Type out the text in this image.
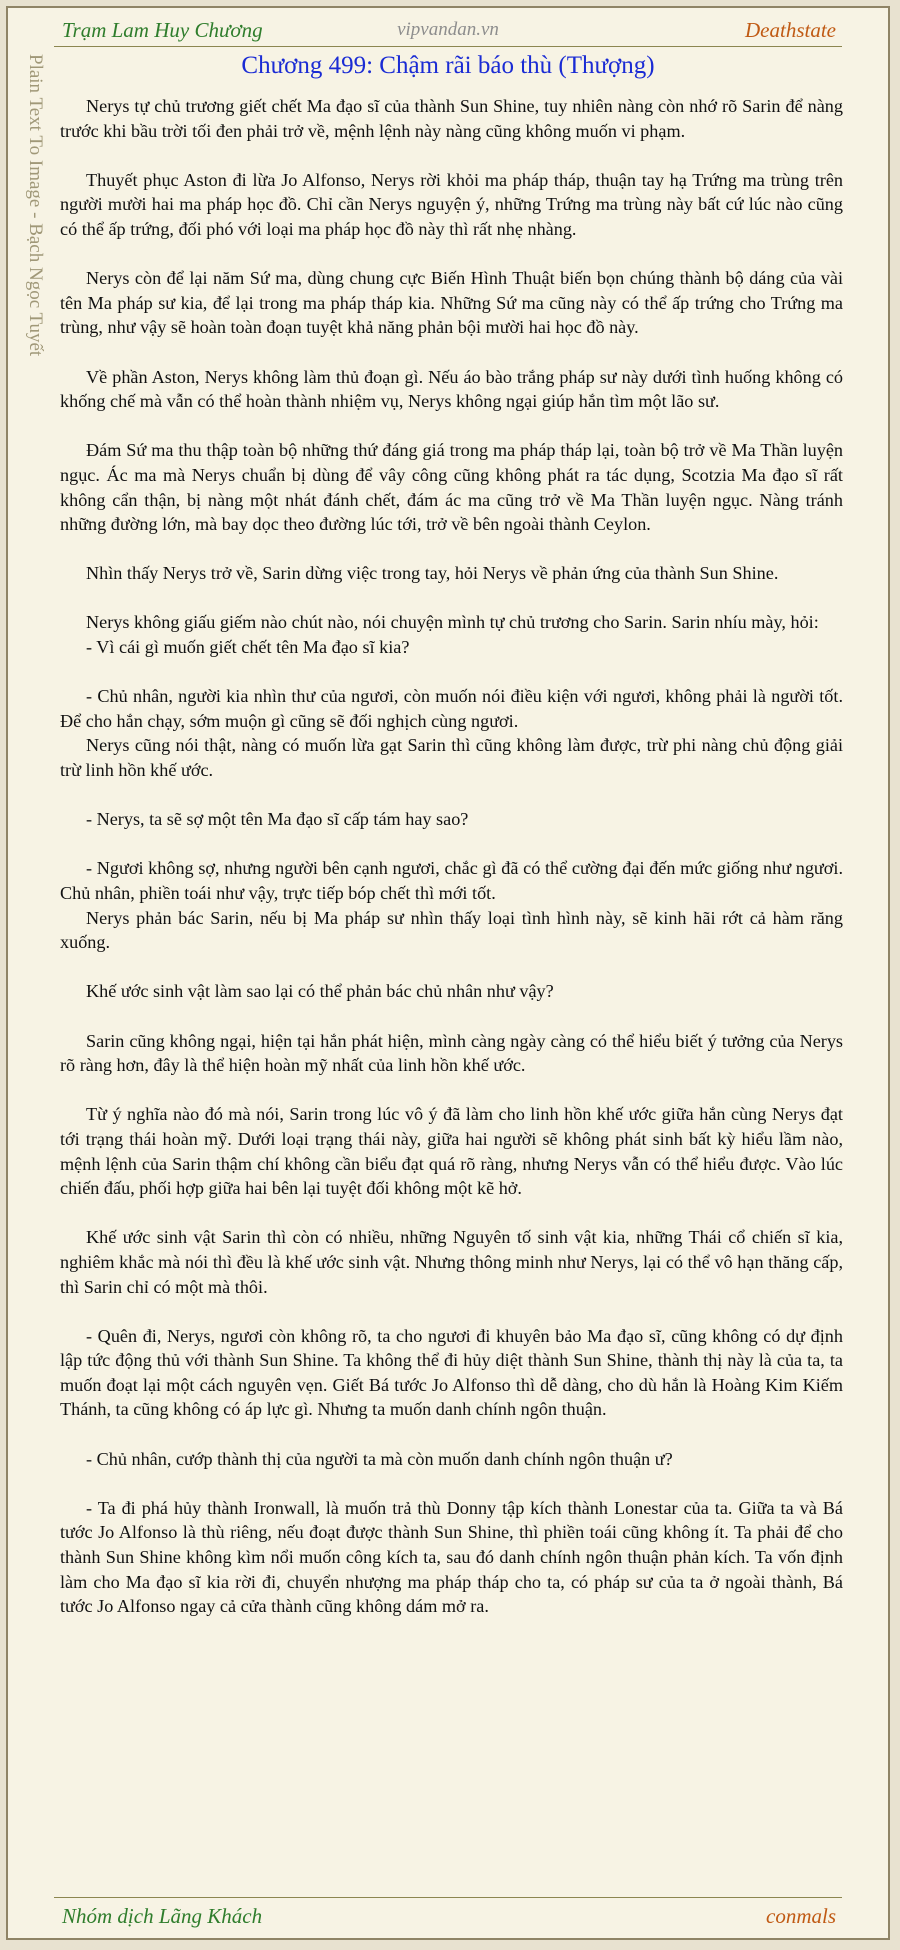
Trạm Lam Huy Chương	vipvandan.vn	Deathstate
Plain Text To Image - Bạch Ngọc Tuyết	Chương 499: Chậm rãi báo thù (Thượng)

Nerys tự chủ trương giết chết Ma đạo sĩ của thành Sun Shine, tuy nhiên nàng còn nhớ rõ Sarin để nàng trước khi bầu trời tối đen phải trở về, mệnh lệnh này nàng cũng không muốn vi phạm.

Thuyết phục Aston đi lừa Jo Alfonso, Nerys rời khỏi ma pháp tháp, thuận tay hạ Trứng ma trùng trên người mười hai ma pháp học đồ. Chỉ cần Nerys nguyện ý, những Trứng ma trùng này bất cứ lúc nào cũng có thể ấp trứng, đối phó với loại ma pháp học đồ này thì rất nhẹ nhàng.

Nerys còn để lại năm Sứ ma, dùng chung cực Biến Hình Thuật biến bọn chúng thành bộ dáng của vài tên Ma pháp sư kia, để lại trong ma pháp tháp kia. Những Sứ ma cũng này có thể ấp trứng cho Trứng ma trùng, như vậy sẽ hoàn toàn đoạn tuyệt khả năng phản bội mười hai học đồ này.

Về phần Aston, Nerys không làm thủ đoạn gì. Nếu áo bào trắng pháp sư này dưới tình huống không có khống chế mà vẫn có thể hoàn thành nhiệm vụ, Nerys không ngại giúp hắn tìm một lão sư.

Đám Sứ ma thu thập toàn bộ những thứ đáng giá trong ma pháp tháp lại, toàn bộ trở về Ma Thần luyện ngục. Ác ma mà Nerys chuẩn bị dùng để vây công cũng không phát ra tác dụng, Scotzia Ma đạo sĩ rất không cẩn thận, bị nàng một nhát đánh chết, đám ác ma cũng trở về Ma Thần luyện ngục. Nàng tránh những đường lớn, mà bay dọc theo đường lúc tới, trở về bên ngoài thành Ceylon.

Nhìn thấy Nerys trở về, Sarin dừng việc trong tay, hỏi Nerys về phản ứng của thành Sun Shine.

Nerys không giấu giếm nào chút nào, nói chuyện mình tự chủ trương cho Sarin. Sarin nhíu mày, hỏi:

- Vì cái gì muốn giết chết tên Ma đạo sĩ kia?

- Chủ nhân, người kia nhìn thư của ngươi, còn muốn nói điều kiện với ngươi, không phải là người tốt. Để cho hắn chạy, sớm muộn gì cũng sẽ đối nghịch cùng ngươi.

Nerys cũng nói thật, nàng có muốn lừa gạt Sarin thì cũng không làm được, trừ phi nàng chủ động giải trừ linh hồn khế ước.

- Nerys, ta sẽ sợ một tên Ma đạo sĩ cấp tám hay sao?

- Ngươi không sợ, nhưng người bên cạnh ngươi, chắc gì đã có thể cường đại đến mức giống như ngươi. Chủ nhân, phiền toái như vậy, trực tiếp bóp chết thì mới tốt.

Nerys phản bác Sarin, nếu bị Ma pháp sư nhìn thấy loại tình hình này, sẽ kinh hãi rớt cả hàm răng xuống.

Khế ước sinh vật làm sao lại có thể phản bác chủ nhân như vậy?

Sarin cũng không ngại, hiện tại hắn phát hiện, mình càng ngày càng có thể hiểu biết ý tưởng của Nerys rõ ràng hơn, đây là thể hiện hoàn mỹ nhất của linh hồn khế ước.

Từ ý nghĩa nào đó mà nói, Sarin trong lúc vô ý đã làm cho linh hồn khế ước giữa hắn cùng Nerys đạt tới trạng thái hoàn mỹ. Dưới loại trạng thái này, giữa hai người sẽ không phát sinh bất kỳ hiểu lầm nào, mệnh lệnh của Sarin thậm chí không cần biểu đạt quá rõ ràng, nhưng Nerys vẫn có thể hiểu được. Vào lúc chiến đấu, phối hợp giữa hai bên lại tuyệt đối không một kẽ hở.

Khế ước sinh vật Sarin thì còn có nhiều, những Nguyên tố sinh vật kia, những Thái cổ chiến sĩ kia, nghiêm khắc mà nói thì đều là khế ước sinh vật. Nhưng thông minh như Nerys, lại có thể vô hạn thăng cấp, thì Sarin chỉ có một mà thôi.

- Quên đi, Nerys, ngươi còn không rõ, ta cho ngươi đi khuyên bảo Ma đạo sĩ, cũng không có dự định lập tức động thủ với thành Sun Shine. Ta không thể đi hủy diệt thành Sun Shine, thành thị này là của ta, ta muốn đoạt lại một cách nguyên vẹn. Giết Bá tước Jo Alfonso thì dễ dàng, cho dù hắn là Hoàng Kim Kiếm Thánh, ta cũng không có áp lực gì. Nhưng ta muốn danh chính ngôn thuận.

- Chủ nhân, cướp thành thị của người ta mà còn muốn danh chính ngôn thuận ư?

- Ta đi phá hủy thành Ironwall, là muốn trả thù Donny tập kích thành Lonestar của ta. Giữa ta và Bá tước Jo Alfonso là thù riêng, nếu đoạt được thành Sun Shine, thì phiền toái cũng không ít. Ta phải để cho thành Sun Shine không kìm nổi muốn công kích ta, sau đó danh chính ngôn thuận phản kích. Ta vốn định làm cho Ma đạo sĩ kia rời đi, chuyển nhượng ma pháp tháp cho ta, có pháp sư của ta ở ngoài thành, Bá tước Jo Alfonso ngay cả cửa thành cũng không dám mở ra.

Nhóm dịch Lãng Khách	conmals
